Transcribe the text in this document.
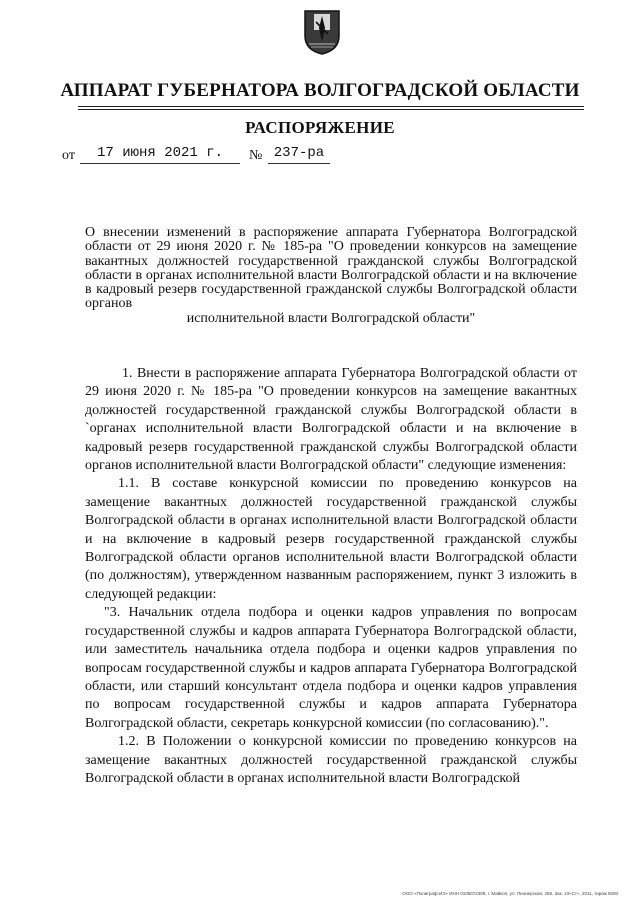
АППАРАТ ГУБЕРНАТОРА ВОЛГОГРАДСКОЙ ОБЛАСТИ
РАСПОРЯЖЕНИЕ
от	17 июня 2021 г.	№ 237-ра
О внесении изменений в распоряжение аппарата Губернатора Волгоградской области от 29 июня 2020 г. № 185-ра "О проведении конкурсов на замещение вакантных должностей государственной гражданской службы Волгоградской области в органах исполнительной власти Волгоградской области и на включение в кадровый резерв государственной гражданской службы Волгоградской области органов
исполнительной власти Волгоградской области"

1. Внести в распоряжение аппарата Губернатора Волгоградской области от 29 июня 2020 г. № 185-ра "О проведении конкурсов на замещение вакантных должностей государственной гражданской службы Волгоградской области в `органах исполнительной власти Волгоградской области и на включение в кадровый резерв государственной гражданской службы Волгоградской области органов исполнительной власти Волгоградской области" следующие изменения:

1.1. В составе конкурсной комиссии по проведению конкурсов на замещение вакантных должностей государственной гражданской службы Волгоградской области в органах исполнительной власти Волгоградской области и на включение в кадровый резерв государственной гражданской службы Волгоградской области органов исполнительной власти Волгоградской области (по должностям), утвержденном названным распоряжением, пункт 3 изложить в следующей редакции:

"3. Начальник отдела подбора и оценки кадров управления по вопросам государственной службы и кадров аппарата Губернатора Волгоградской области, или заместитель начальника отдела подбора и оценки кадров управления по вопросам государственной службы и кадров аппарата Губернатора Волгоградской области, или старший консультант отдела подбора и оценки кадров управления по вопросам государственной службы и кадров аппарата Губернатора Волгоградской области, секретарь конкурсной комиссии (по согласованию).".

1.2. В Положении о конкурсной комиссии по проведению конкурсов на замещение вакантных должностей государственной гражданской службы Волгоградской области в органах исполнительной власти Волгоградской

ООО «Полиграф-ИЭ» ИНН 0105072309, г. Майкоп, ул. Пионерская, 268. Зак. 10«Ст», 2011, тираж 5000
